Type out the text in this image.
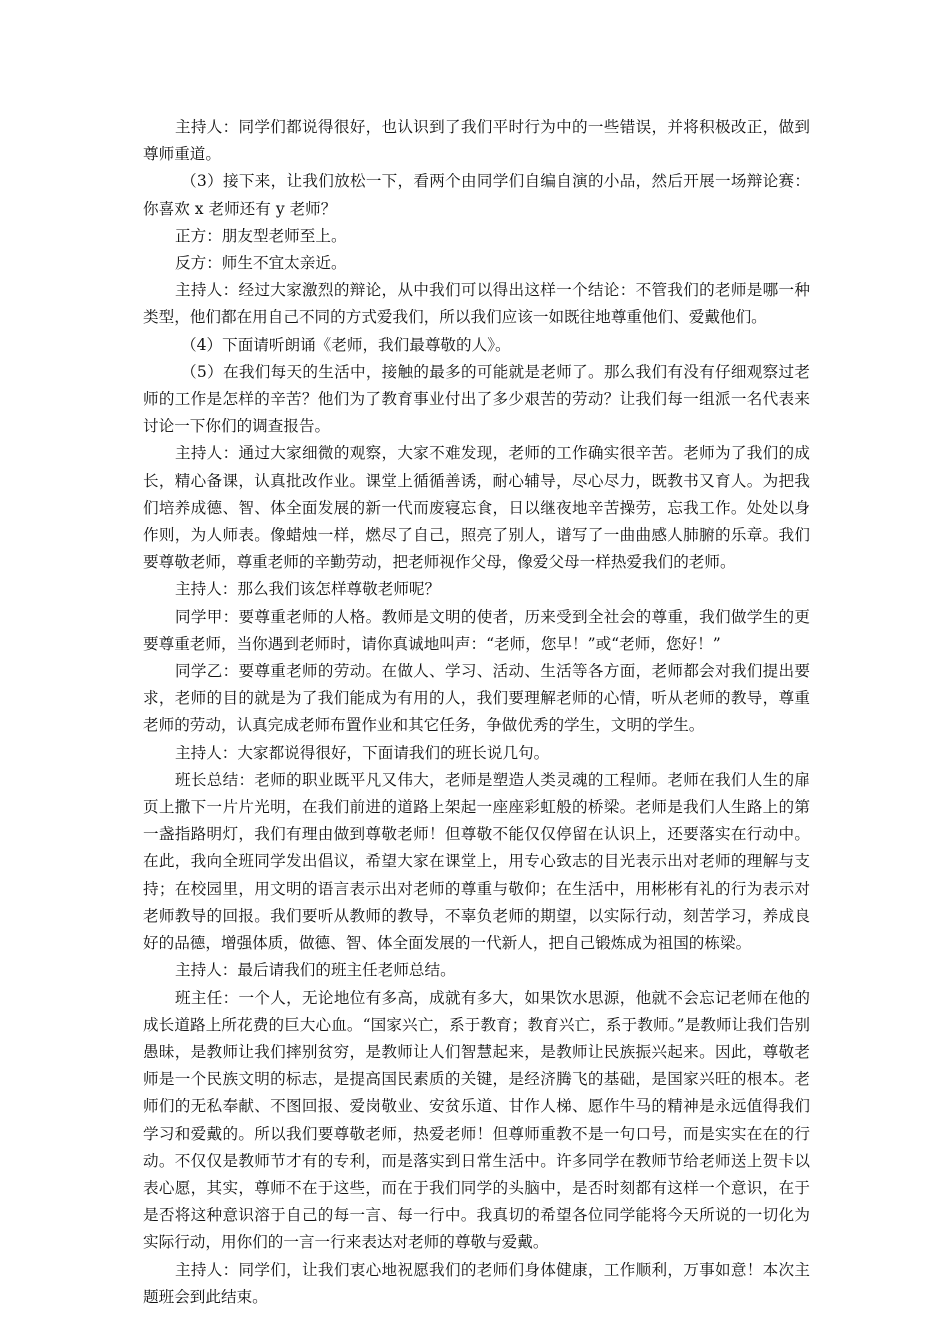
主持人：同学们都说得很好，也认识到了我们平时行为中的一些错误，并将积极改正，做到尊师重道。

（3）接下来，让我们放松一下，看两个由同学们自编自演的小品，然后开展一场辩论赛：你喜欢 x 老师还有 y 老师？

正方：朋友型老师至上。

反方：师生不宜太亲近。

主持人：经过大家激烈的辩论，从中我们可以得出这样一个结论：不管我们的老师是哪一种类型，他们都在用自己不同的方式爱我们，所以我们应该一如既往地尊重他们、爱戴他们。

（4）下面请听朗诵《老师，我们最尊敬的人》。

（5）在我们每天的生活中，接触的最多的可能就是老师了。那么我们有没有仔细观察过老师的工作是怎样的辛苦？他们为了教育事业付出了多少艰苦的劳动？让我们每一组派一名代表来讨论一下你们的调查报告。

主持人：通过大家细微的观察，大家不难发现，老师的工作确实很辛苦。老师为了我们的成长，精心备课，认真批改作业。课堂上循循善诱，耐心辅导，尽心尽力，既教书又育人。为把我们培养成德、智、体全面发展的新一代而废寝忘食，日以继夜地辛苦操劳，忘我工作。处处以身作则，为人师表。像蜡烛一样，燃尽了自己，照亮了别人，谱写了一曲曲感人肺腑的乐章。我们要尊敬老师，尊重老师的辛勤劳动，把老师视作父母，像爱父母一样热爱我们的老师。

主持人：那么我们该怎样尊敬老师呢？

同学甲：要尊重老师的人格。教师是文明的使者，历来受到全社会的尊重，我们做学生的更要尊重老师，当你遇到老师时，请你真诚地叫声：“老师，您早！”或“老师，您好！”

同学乙：要尊重老师的劳动。在做人、学习、活动、生活等各方面，老师都会对我们提出要求，老师的目的就是为了我们能成为有用的人，我们要理解老师的心情，听从老师的教导，尊重老师的劳动，认真完成老师布置作业和其它任务，争做优秀的学生，文明的学生。

主持人：大家都说得很好，下面请我们的班长说几句。

班长总结：老师的职业既平凡又伟大，老师是塑造人类灵魂的工程师。老师在我们人生的扉页上撒下一片片光明，在我们前进的道路上架起一座座彩虹般的桥梁。老师是我们人生路上的第一盏指路明灯，我们有理由做到尊敬老师！但尊敬不能仅仅停留在认识上，还要落实在行动中。在此，我向全班同学发出倡议，希望大家在课堂上，用专心致志的目光表示出对老师的理解与支持；在校园里，用文明的语言表示出对老师的尊重与敬仰；在生活中，用彬彬有礼的行为表示对老师教导的回报。我们要听从教师的教导，不辜负老师的期望，以实际行动，刻苦学习，养成良好的品德，增强体质，做德、智、体全面发展的一代新人，把自己锻炼成为祖国的栋梁。

主持人：最后请我们的班主任老师总结。

班主任：一个人，无论地位有多高，成就有多大，如果饮水思源，他就不会忘记老师在他的成长道路上所花费的巨大心血。“国家兴亡，系于教育；教育兴亡，系于教师。”是教师让我们告别愚昧，是教师让我们摔别贫穷，是教师让人们智慧起来，是教师让民族振兴起来。因此，尊敬老师是一个民族文明的标志，是提高国民素质的关键，是经济腾飞的基础，是国家兴旺的根本。老师们的无私奉献、不图回报、爱岗敬业、安贫乐道、甘作人梯、愿作牛马的精神是永远值得我们学习和爱戴的。所以我们要尊敬老师，热爱老师！但尊师重教不是一句口号，而是实实在在的行动。不仅仅是教师节才有的专利，而是落实到日常生活中。许多同学在教师节给老师送上贺卡以表心愿，其实，尊师不在于这些，而在于我们同学的头脑中，是否时刻都有这样一个意识，在于是否将这种意识溶于自己的每一言、每一行中。我真切的希望各位同学能将今天所说的一切化为实际行动，用你们的一言一行来表达对老师的尊敬与爱戴。

主持人：同学们，让我们衷心地祝愿我们的老师们身体健康，工作顺利，万事如意！本次主题班会到此结束。
